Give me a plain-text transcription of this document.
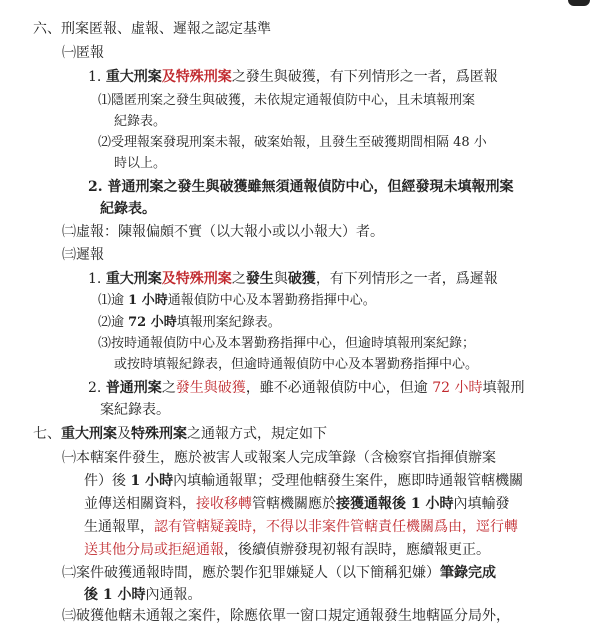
六、刑案匿報、虛報、遲報之認定基準
㈠匿報
1. 重大刑案及特殊刑案之發生與破獲，有下列情形之一者，爲匿報
⑴隱匿刑案之發生與破獲，未依規定通報偵防中心，且未填報刑案
紀錄表。
⑵受理報案發現刑案未報，破案始報，且發生至破獲期間相隔 48 小
時以上。
2. 普通刑案之發生與破獲雖無須通報偵防中心，但經發現未填報刑案
紀錄表。
㈡虛報：陳報偏頗不實（以大報小或以小報大）者。
㈢遲報
1. 重大刑案及特殊刑案之發生與破獲，有下列情形之一者，爲遲報
⑴逾 1 小時通報偵防中心及本署勤務指揮中心。
⑵逾 72 小時填報刑案紀錄表。
⑶按時通報偵防中心及本署勤務指揮中心，但逾時填報刑案紀錄；
或按時填報紀錄表，但逾時通報偵防中心及本署勤務指揮中心。
2. 普通刑案之發生與破獲，雖不必通報偵防中心，但逾 72 小時填報刑
案紀錄表。
七、重大刑案及特殊刑案之通報方式，規定如下
㈠本轄案件發生，應於被害人或報案人完成筆錄（含檢察官指揮偵辦案
件）後 1 小時內填輸通報單；受理他轄發生案件，應即時通報管轄機關
並傳送相關資料，接收移轉管轄機關應於接獲通報後 1 小時內填輸發
生通報單，認有管轄疑義時，不得以非案件管轄責任機關爲由，逕行轉
送其他分局或拒絕通報，後續偵辦發現初報有誤時，應續報更正。
㈡案件破獲通報時間，應於製作犯罪嫌疑人（以下簡稱犯嫌）筆錄完成
後 1 小時內通報。
㈢破獲他轄未通報之案件，除應依單一窗口規定通報發生地轄區分局外，
